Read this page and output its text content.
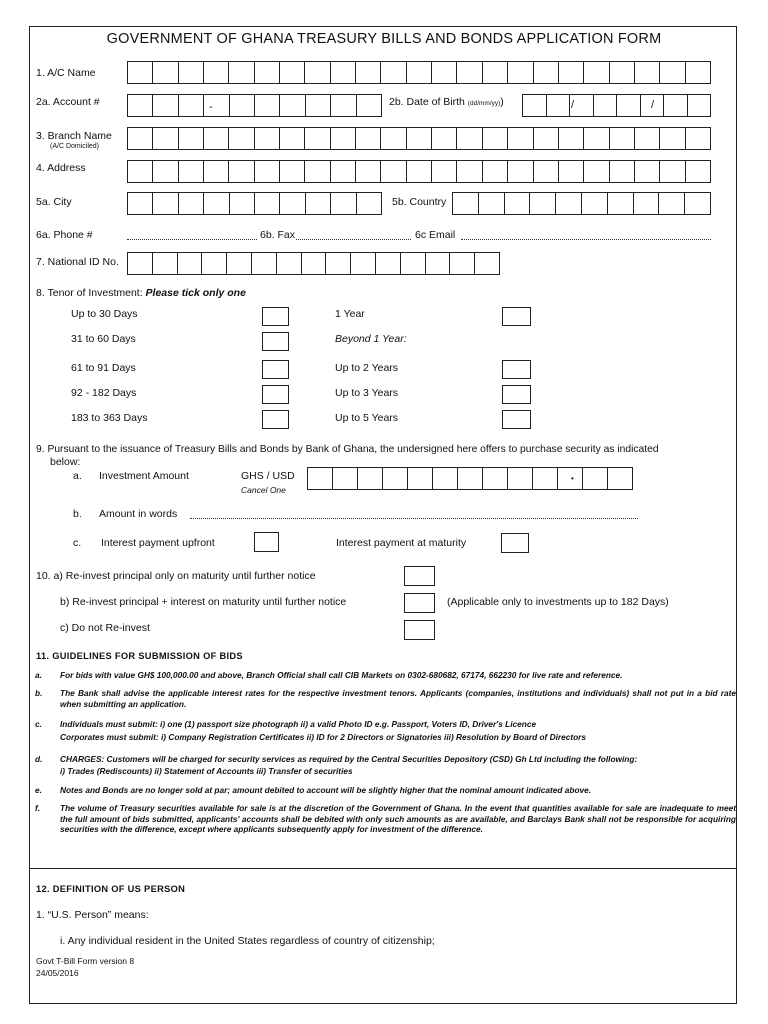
GOVERNMENT OF GHANA TREASURY BILLS AND BONDS APPLICATION FORM
1. A/C Name
2a. Account #	-	2b. Date of Birth (dd/mm/yy))	/	/
3. Branch Name
(A/C Domiciled)
4. Address
5a. City	5b. Country
6a. Phone #	6b. Fax	6c Email
7. National ID No.
8. Tenor of Investment: Please tick only one
Up to 30 Days
31 to 60 Days
61 to 91 Days
92 - 182 Days
183 to 363 Days
1 Year
Beyond 1 Year:
Up to 2 Years
Up to 3 Years
Up to 5 Years
9. Pursuant to the issuance of Treasury Bills and Bonds by Bank of Ghana, the undersigned here offers to purchase security as indicated
below:
a. Investment Amount	GHS / USD
Cancel One
•
b. Amount in words
c. Interest payment upfront	Interest payment at maturity
10. a) Re-invest principal only on maturity until further notice
b) Re-invest principal + interest on maturity until further notice	(Applicable only to investments up to 182 Days)
c) Do not Re-invest
11. GUIDELINES FOR SUBMISSION OF BIDS
a. For bids with value GH$ 100,000.00 and above, Branch Official shall call CIB Markets on 0302-680682, 67174, 662230 for live rate and reference.
b. The Bank shall advise the applicable interest rates for the respective investment tenors. Applicants (companies, institutions and individuals) shall not put in a bid rate when submitting an application.
c. Individuals must submit: i) one (1) passport size photograph ii) a valid Photo ID e.g. Passport, Voters ID, Driver's Licence
Corporates must submit: i) Company Registration Certificates ii) ID for 2 Directors or Signatories iii) Resolution by Board of Directors
d. CHARGES: Customers will be charged for security services as required by the Central Securities Depository (CSD) Gh Ltd including the following:
i) Trades (Rediscounts) ii) Statement of Accounts iii) Transfer of securities
e. Notes and Bonds are no longer sold at par; amount debited to account will be slightly higher that the nominal amount indicated above.
f. The volume of Treasury securities available for sale is at the discretion of the Government of Ghana. In the event that quantities available for sale are inadequate to meet the full amount of bids submitted, applicants' accounts shall be debited with only such amounts as are available, and Barclays Bank shall not be responsible for acquiring securities with the difference, except where applicants subsequently apply for investment of the difference.
12. DEFINITION OF US PERSON
1. “U.S. Person” means:
i. Any individual resident in the United States regardless of country of citizenship;
Govt T-Bill Form version 8
24/05/2016
